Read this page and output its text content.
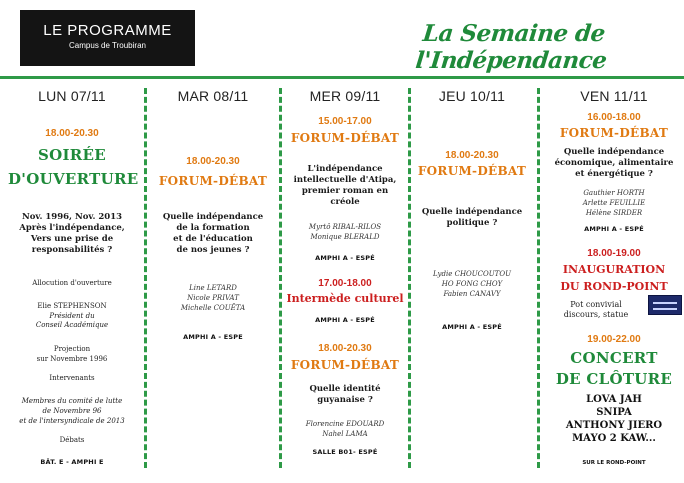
LE PROGRAMME
Campus de Troubiran	La Semaine de l'Indépendance
LUN 07/11
18.00-20.30
SOIRÉE
D'OUVERTURE
Nov. 1996, Nov. 2013
Après l'indépendance,
Vers une prise de
responsabilités ?
Allocution d'ouverture
Elie STEPHENSON
Président du
Conseil Académique
Projection
sur Novembre 1996
Intervenants
Membres du comité de lutte
de Novembre 96
et de l'intersyndicale de 2013
Débats
BÂT. E - AMPHI E
MAR 08/11
18.00-20.30
FORUM-DÉBAT
Quelle indépendance
de la formation
et de l'éducation
de nos jeunes ?
Line LETARD
Nicole PRIVAT
Michelle COUËTA
AMPHI A - ESPE
MER 09/11
15.00-17.00
FORUM-DÉBAT
L'indépendance
intellectuelle d'Atipa,
premier roman en
créole
Myrtô RIBAL-RILOS
Monique BLERALD
AMPHI A - ESPÉ
17.00-18.00
Intermède culturel
AMPHI A - ESPÉ
18.00-20.30
FORUM-DÉBAT
Quelle identité
guyanaise ?
Florencine EDOUARD
Nahel LAMA
SALLE B01- ESPÉ
JEU 10/11
18.00-20.30
FORUM-DÉBAT
Quelle indépendance
politique ?
Lydie CHOUCOUTOU
HO FONG CHOY
Fabien CANAVY
AMPHI A - ESPÉ
VEN 11/11
16.00-18.00
FORUM-DÉBAT
Quelle indépendance
économique, alimentaire
et énergétique ?
Gauthier HORTH
Arlette FEUILLIE
Hélène SIRDER
AMPHI A - ESPÉ
18.00-19.00
INAUGURATION
DU ROND-POINT
Pot convivial
discours, statue
19.00-22.00
CONCERT
DE CLÔTURE
LOVA JAH
SNIPA
ANTHONY JIERO
MAYO 2 KAW...
SUR LE ROND-POINT
